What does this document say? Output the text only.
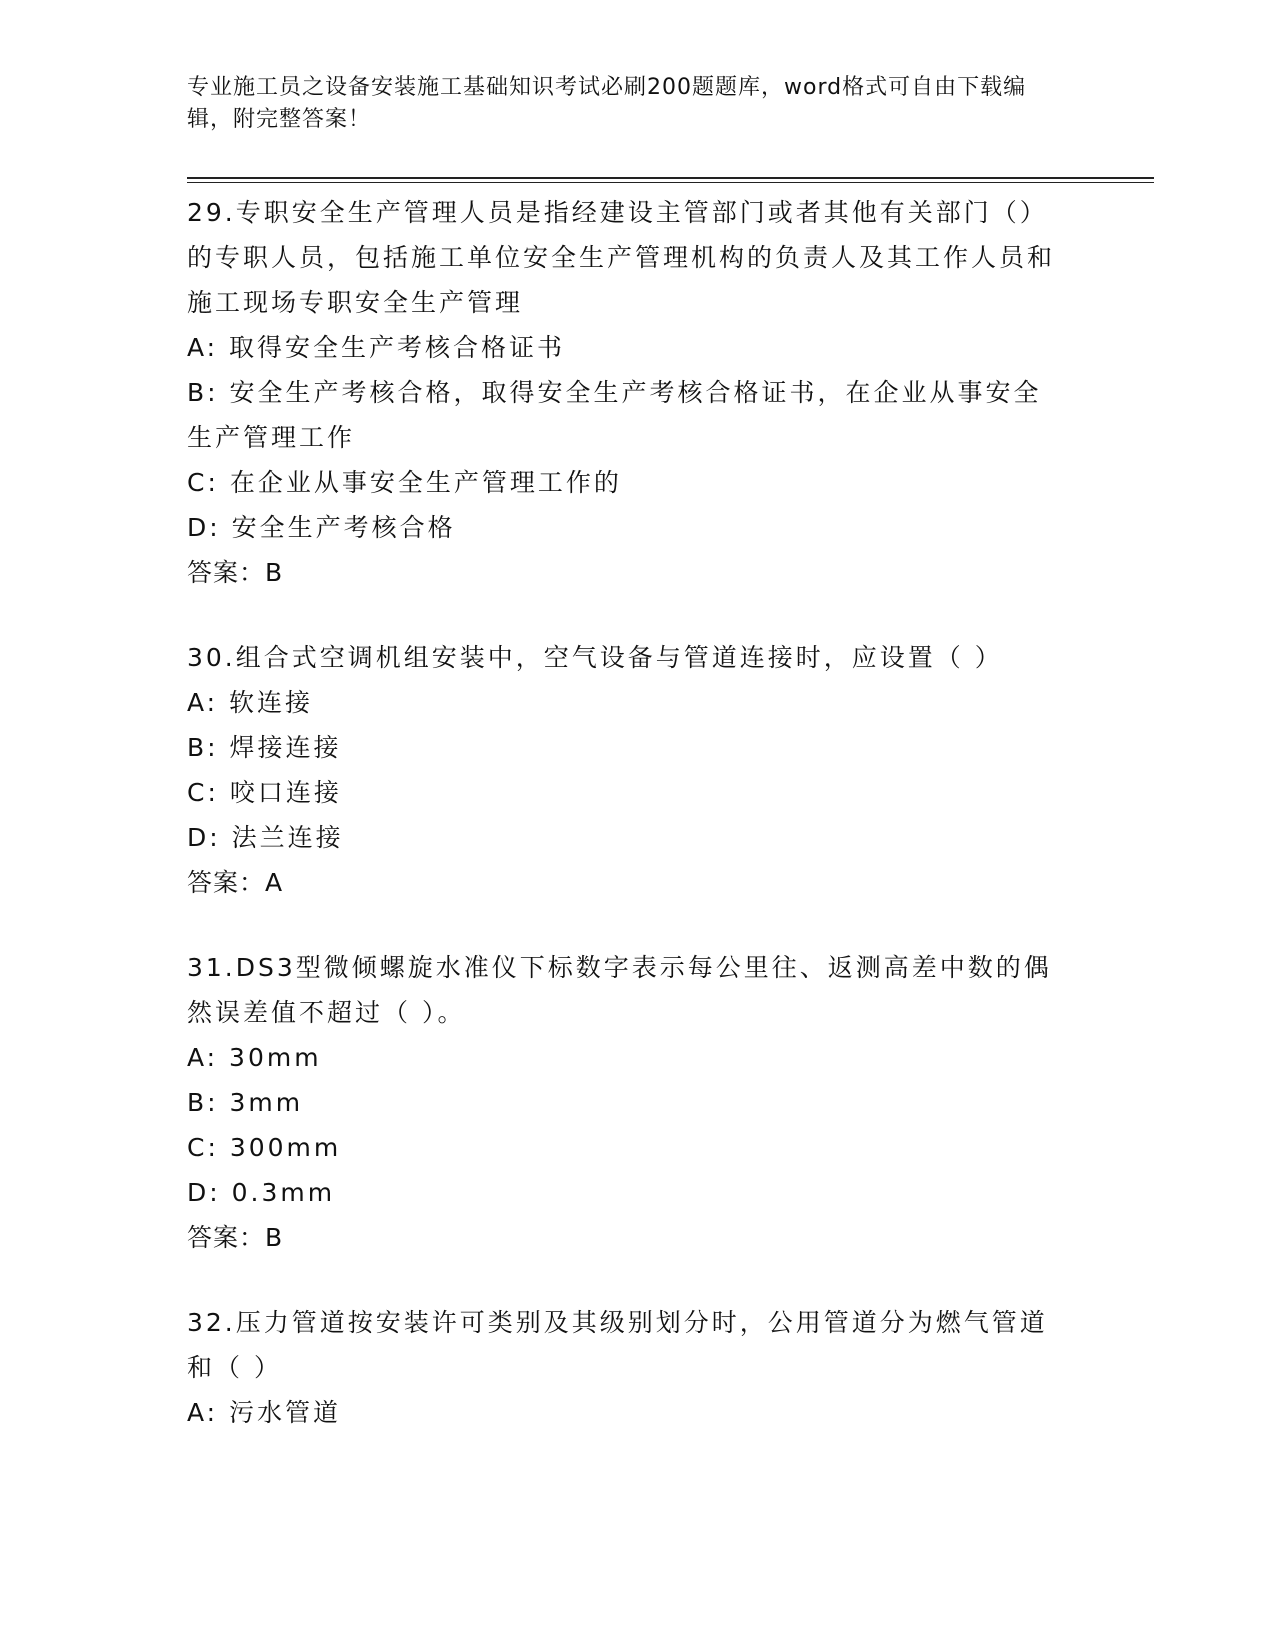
专业施工员之设备安装施工基础知识考试必刷200题题库，word格式可自由下载编辑，附完整答案！
29.专职安全生产管理人员是指经建设主管部门或者其他有关部门（）的专职人员，包括施工单位安全生产管理机构的负责人及其工作人员和施工现场专职安全生产管理
A: 取得安全生产考核合格证书
B: 安全生产考核合格，取得安全生产考核合格证书，在企业从事安全生产管理工作
C: 在企业从事安全生产管理工作的
D: 安全生产考核合格
答案：B
30.组合式空调机组安装中，空气设备与管道连接时，应设置（ ）
A: 软连接
B: 焊接连接
C: 咬口连接
D: 法兰连接
答案：A
31.DS3型微倾螺旋水准仪下标数字表示每公里往、返测高差中数的偶然误差值不超过（ ）。
A: 30mm
B: 3mm
C: 300mm
D: 0.3mm
答案：B
32.压力管道按安装许可类别及其级别划分时，公用管道分为燃气管道和（ ）
A: 污水管道
